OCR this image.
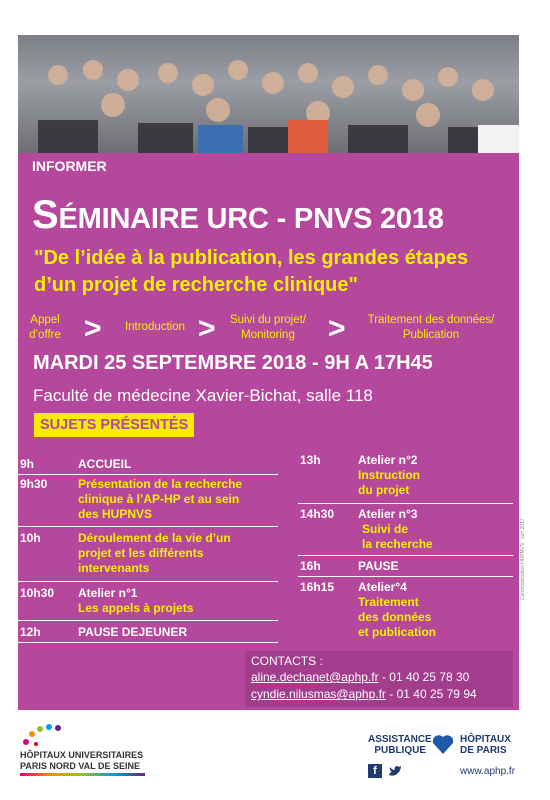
INFORMER
SÉMINAIRE URC - PNVS 2018
"De l’idée à la publication, les grandes étapes d’un projet de recherche clinique"
Appel
d’offre >	Introduction >	Suivi du projet/
Monitoring	>	Traitement des données/
Publication
MARDI 25 SEPTEMBRE 2018 - 9H A 17H45
Faculté de médecine Xavier-Bichat, salle 118
SUJETS PRÉSENTÉS
9h	ACCUEIL
9h30	Présentation de la recherche clinique à l’AP-HP et au sein des HUPNVS
10h	Déroulement de la vie d’un projet et les différents intervenants
10h30 Atelier n°1
Les appels à projets
12h	PAUSE DEJEUNER
13h	Atelier n°2
Instruction
du projet
14h30 Atelier n°3
Suivi de
la recherche
16h	PAUSE
16h15 Atelier°4
Traitement
des données
et publication
CONTACTS :
aline.dechanet@aphp.fr - 01 40 25 78 30
cyndie.nilusmas@aphp.fr - 01 40 25 79 94
Communication HUPNVS - juin 2017
HÔPITAUX UNIVERSITAIRES
PARIS NORD VAL DE SEINE
ASSISTANCE
PUBLIQUE
HÔPITAUX
DE PARIS
f	www.aphp.fr
